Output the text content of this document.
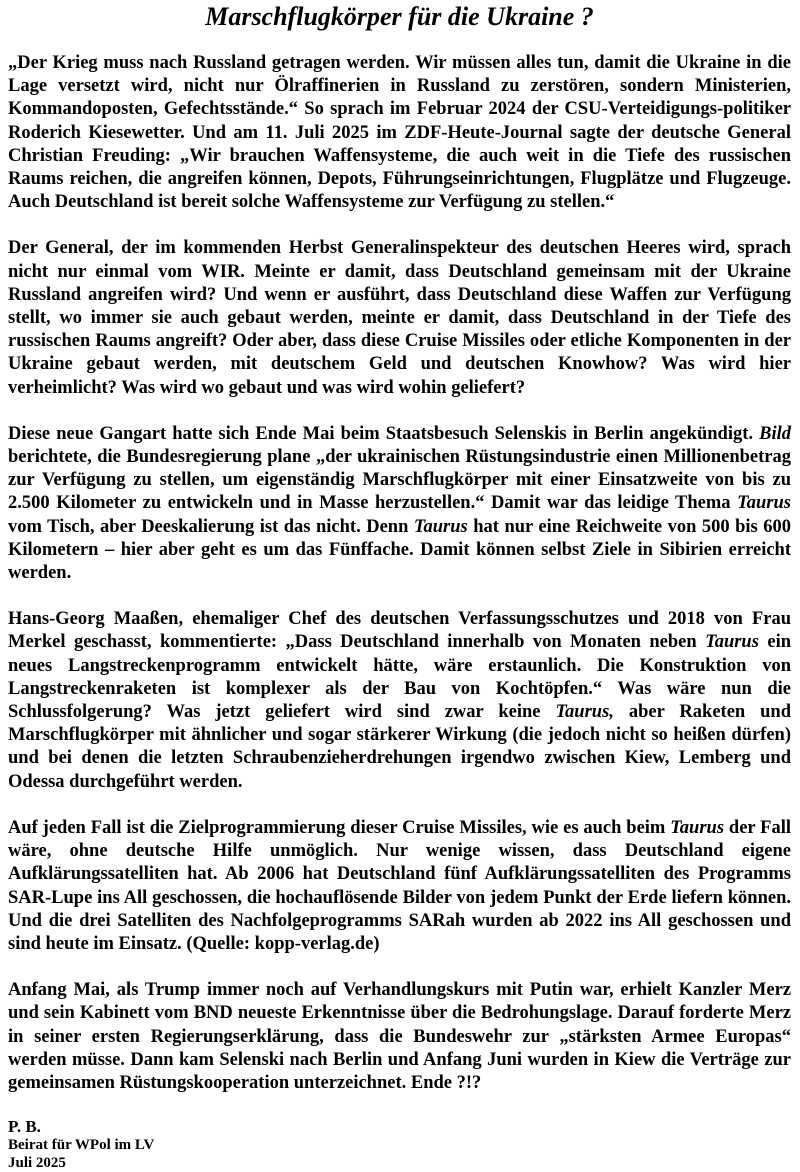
Marschflugkörper für die Ukraine ?

„Der Krieg muss nach Russland getragen werden. Wir müssen alles tun, damit die Ukraine in die Lage versetzt wird, nicht nur Ölraffinerien in Russland zu zerstören, sondern Ministerien, Kommandoposten, Gefechtsstände.“ So sprach im Februar 2024 der CSU-Verteidigungs-politiker Roderich Kiesewetter. Und am 11. Juli 2025 im ZDF-Heute-Journal sagte der deutsche General Christian Freuding: „Wir brauchen Waffensysteme, die auch weit in die Tiefe des russischen Raums reichen, die angreifen können, Depots, Führungseinrichtungen, Flugplätze und Flugzeuge. Auch Deutschland ist bereit solche Waffensysteme zur Verfügung zu stellen.“

Der General, der im kommenden Herbst Generalinspekteur des deutschen Heeres wird, sprach nicht nur einmal vom WIR. Meinte er damit, dass Deutschland gemeinsam mit der Ukraine Russland angreifen wird? Und wenn er ausführt, dass Deutschland diese Waffen zur Verfügung stellt, wo immer sie auch gebaut werden, meinte er damit, dass Deutschland in der Tiefe des russischen Raums angreift? Oder aber, dass diese Cruise Missiles oder etliche Komponenten in der Ukraine gebaut werden, mit deutschem Geld und deutschen Knowhow? Was wird hier verheimlicht? Was wird wo gebaut und was wird wohin geliefert?

Diese neue Gangart hatte sich Ende Mai beim Staatsbesuch Selenskis in Berlin angekündigt. Bild berichtete, die Bundesregierung plane „der ukrainischen Rüstungsindustrie einen Millionenbetrag zur Verfügung zu stellen, um eigenständig Marschflugkörper mit einer Einsatzweite von bis zu 2.500 Kilometer zu entwickeln und in Masse herzustellen.“ Damit war das leidige Thema Taurus vom Tisch, aber Deeskalierung ist das nicht. Denn Taurus hat nur eine Reichweite von 500 bis 600 Kilometern – hier aber geht es um das Fünffache. Damit können selbst Ziele in Sibirien erreicht werden.

Hans-Georg Maaßen, ehemaliger Chef des deutschen Verfassungsschutzes und 2018 von Frau Merkel geschasst, kommentierte: „Dass Deutschland innerhalb von Monaten neben Taurus ein neues Langstreckenprogramm entwickelt hätte, wäre erstaunlich. Die Konstruktion von Langstreckenraketen ist komplexer als der Bau von Kochtöpfen.“ Was wäre nun die Schlussfolgerung? Was jetzt geliefert wird sind zwar keine Taurus, aber Raketen und Marschflugkörper mit ähnlicher und sogar stärkerer Wirkung (die jedoch nicht so heißen dürfen) und bei denen die letzten Schraubenzieherdrehungen irgendwo zwischen Kiew, Lemberg und Odessa durchgeführt werden.

Auf jeden Fall ist die Zielprogrammierung dieser Cruise Missiles, wie es auch beim Taurus der Fall wäre, ohne deutsche Hilfe unmöglich. Nur wenige wissen, dass Deutschland eigene Aufklärungssatelliten hat. Ab 2006 hat Deutschland fünf Aufklärungssatelliten des Programms SAR-Lupe ins All geschossen, die hochauflösende Bilder von jedem Punkt der Erde liefern können. Und die drei Satelliten des Nachfolgeprogramms SARah wurden ab 2022 ins All geschossen und sind heute im Einsatz. (Quelle: kopp-verlag.de)

Anfang Mai, als Trump immer noch auf Verhandlungskurs mit Putin war, erhielt Kanzler Merz und sein Kabinett vom BND neueste Erkenntnisse über die Bedrohungslage. Darauf forderte Merz in seiner ersten Regierungserklärung, dass die Bundeswehr zur „stärksten Armee Europas“ werden müsse. Dann kam Selenski nach Berlin und Anfang Juni wurden in Kiew die Verträge zur gemeinsamen Rüstungskooperation unterzeichnet. Ende ?!?

P. B.
Beirat für WPol im LV
Juli 2025
